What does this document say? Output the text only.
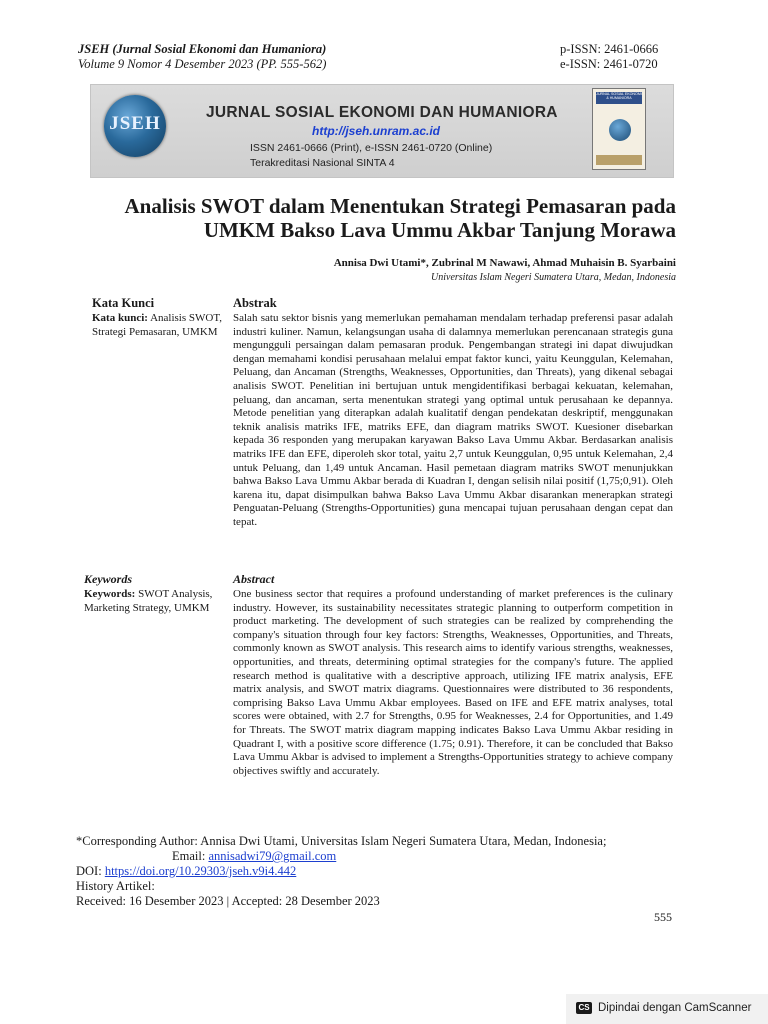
JSEH (Jurnal Sosial Ekonomi dan Humaniora)
Volume 9 Nomor 4 Desember 2023 (PP. 555-562)
p-ISSN: 2461-0666
e-ISSN: 2461-0720
JSEH
JURNAL SOSIAL EKONOMI DAN HUMANIORA
http://jseh.unram.ac.id
ISSN 2461-0666 (Print), e-ISSN 2461-0720 (Online)
Terakreditasi Nasional SINTA 4
JURNAL SOSIAL EKONOMI & HUMANIORA
Analisis SWOT dalam Menentukan Strategi Pemasaran pada
UMKM Bakso Lava Ummu Akbar Tanjung Morawa
Annisa Dwi Utami*, Zubrinal M Nawawi, Ahmad Muhaisin B. Syarbaini
Universitas Islam Negeri Sumatera Utara, Medan, Indonesia
Kata Kunci	Abstrak
Kata kunci: Analisis SWOT, Strategi Pemasaran, UMKM
Salah satu sektor bisnis yang memerlukan pemahaman mendalam terhadap preferensi pasar adalah industri kuliner. Namun, kelangsungan usaha di dalamnya memerlukan perencanaan strategis guna mengungguli persaingan dalam pemasaran produk. Pengembangan strategi ini dapat diwujudkan dengan memahami kondisi perusahaan melalui empat faktor kunci, yaitu Keunggulan, Kelemahan, Peluang, dan Ancaman (Strengths, Weaknesses, Opportunities, dan Threats), yang dikenal sebagai analisis SWOT. Penelitian ini bertujuan untuk mengidentifikasi berbagai kekuatan, kelemahan, peluang, dan ancaman, serta menentukan strategi yang optimal untuk perusahaan ke depannya. Metode penelitian yang diterapkan adalah kualitatif dengan pendekatan deskriptif, menggunakan teknik analisis matriks IFE, matriks EFE, dan diagram matriks SWOT. Kuesioner disebarkan kepada 36 responden yang merupakan karyawan Bakso Lava Ummu Akbar. Berdasarkan analisis matriks IFE dan EFE, diperoleh skor total, yaitu 2,7 untuk Keunggulan, 0,95 untuk Kelemahan, 2,4 untuk Peluang, dan 1,49 untuk Ancaman. Hasil pemetaan diagram matriks SWOT menunjukkan bahwa Bakso Lava Ummu Akbar berada di Kuadran I, dengan selisih nilai positif (1,75;0,91). Oleh karena itu, dapat disimpulkan bahwa Bakso Lava Ummu Akbar disarankan menerapkan strategi Penguatan-Peluang (Strengths-Opportunities) guna mencapai tujuan perusahaan dengan cepat dan tepat.
Keywords	Abstract
Keywords: SWOT Analysis, Marketing Strategy, UMKM
One business sector that requires a profound understanding of market preferences is the culinary industry. However, its sustainability necessitates strategic planning to outperform competition in product marketing. The development of such strategies can be realized by comprehending the company's situation through four key factors: Strengths, Weaknesses, Opportunities, and Threats, commonly known as SWOT analysis. This research aims to identify various strengths, weaknesses, opportunities, and threats, determining optimal strategies for the company's future. The applied research method is qualitative with a descriptive approach, utilizing IFE matrix analysis, EFE matrix analysis, and SWOT matrix diagrams. Questionnaires were distributed to 36 respondents, comprising Bakso Lava Ummu Akbar employees. Based on IFE and EFE matrix analyses, total scores were obtained, with 2.7 for Strengths, 0.95 for Weaknesses, 2.4 for Opportunities, and 1.49 for Threats. The SWOT matrix diagram mapping indicates Bakso Lava Ummu Akbar residing in Quadrant I, with a positive score difference (1.75; 0.91). Therefore, it can be concluded that Bakso Lava Ummu Akbar is advised to implement a Strengths-Opportunities strategy to achieve company objectives swiftly and accurately.
*Corresponding Author: Annisa Dwi Utami, Universitas Islam Negeri Sumatera Utara, Medan, Indonesia;
Email: annisadwi79@gmail.com
DOI: https://doi.org/10.29303/jseh.v9i4.442
History Artikel:
Received: 16 Desember 2023 | Accepted: 28 Desember 2023
555
CS Dipindai dengan CamScanner
